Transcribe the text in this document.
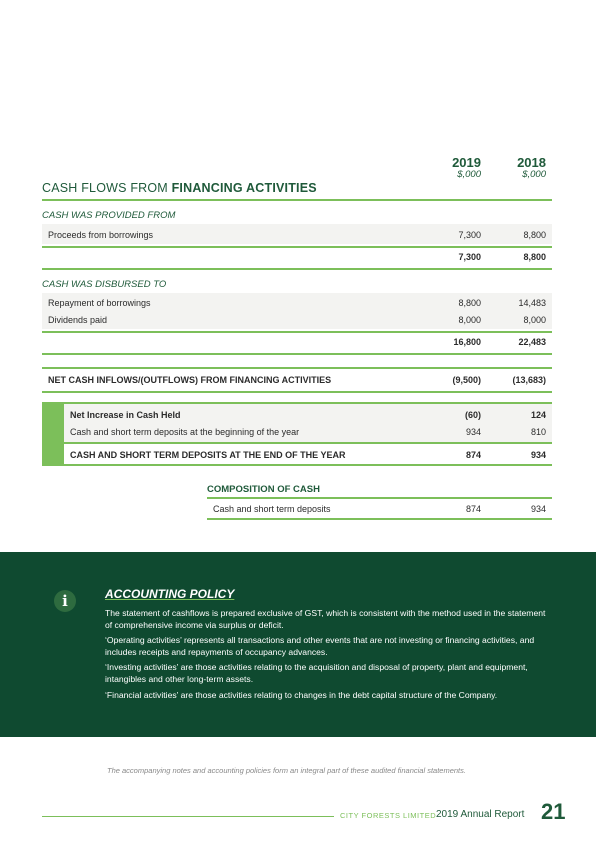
2019	2018
$,000	$,000
CASH FLOWS FROM FINANCING ACTIVITIES
CASH WAS PROVIDED FROM
Proceeds from borrowings	7,300	8,800
7,300	8,800
CASH WAS DISBURSED TO
Repayment of borrowings	8,800	14,483
Dividends paid	8,000	8,000
16,800	22,483
NET CASH INFLOWS/(OUTFLOWS) FROM FINANCING ACTIVITIES	(9,500)	(13,683)
Net Increase in Cash Held	(60)	124
Cash and short term deposits at the beginning of the year	934	810
CASH AND SHORT TERM DEPOSITS AT THE END OF THE YEAR	874	934
COMPOSITION OF CASH
Cash and short term deposits	874	934
i	ACCOUNTING POLICY
The statement of cashflows is prepared exclusive of GST, which is consistent with the method used in the statement of comprehensive income via surplus or deficit.
‘Operating activities’ represents all transactions and other events that are not investing or financing activities, and includes receipts and repayments of occupancy advances.
‘Investing activities’ are those activities relating to the acquisition and disposal of property, plant and equipment, intangibles and other long-term assets.
‘Financial activities’ are those activities relating to changes in the debt capital structure of the Company.
The accompanying notes and accounting policies form an integral part of these audited financial statements.
CITY FORESTS LIMITED 2019 Annual Report 21
